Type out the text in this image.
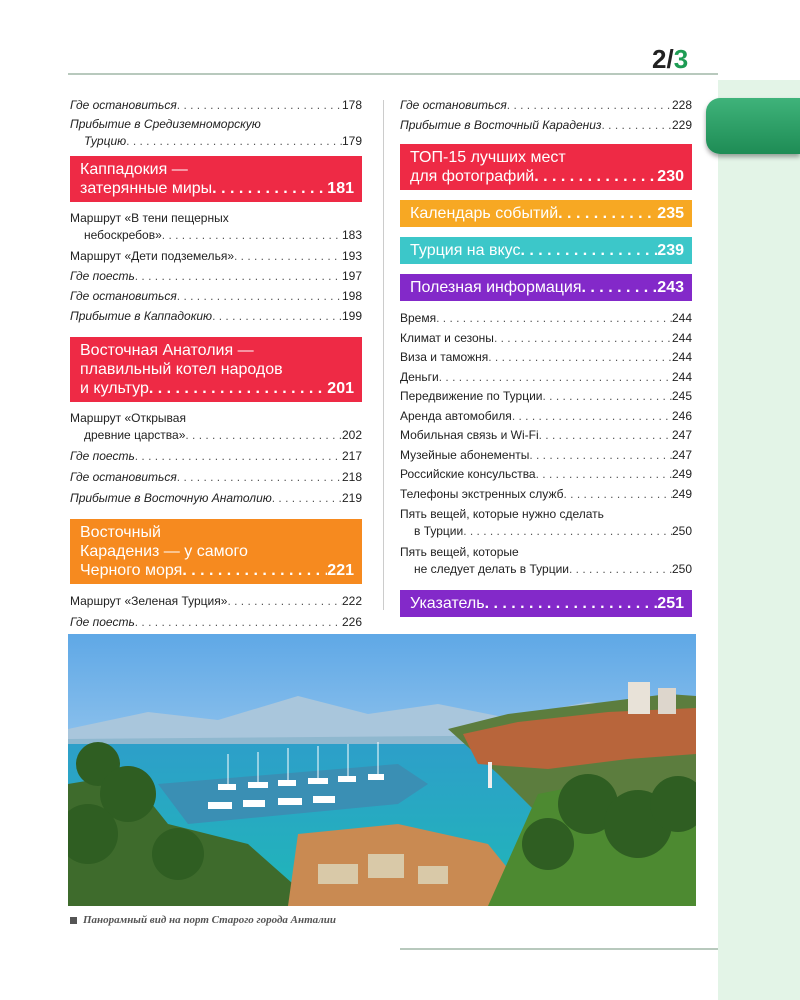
2/3
Где остановиться . . .	178
Прибытие в Средиземноморскую
Турцию . . .	179
Каппадокия —
затерянные миры . . .	181
Маршрут «В тени пещерных
небоскребов» . . .	183
Маршрут «Дети подземелья» . . .	193
Где поесть . . .	197
Где остановиться . . .	198
Прибытие в Каппадокию . . .	199
Восточная Анатолия —
плавильный котел народов
и культур . . .	201
Маршрут «Открывая
древние царства» . . .	202
Где поесть . . .	217
Где остановиться . . .	218
Прибытие в Восточную Анатолию . . .	219
Восточный
Карадениз — у самого
Черного моря . . .	221
Маршрут «Зеленая Турция» . . .	222
Где поесть . . .	226
Где остановиться . . .	228
Прибытие в Восточный Карадениз . . .	229
ТОП-15 лучших мест
для фотографий . . .	230
Календарь событий . . .	235
Турция на вкус . . .	239
Полезная информация . . .	243
Время . . .	244
Климат и сезоны . . .	244
Виза и таможня . . .	244
Деньги . . .	244
Передвижение по Турции . . .	245
Аренда автомобиля . . .	246
Мобильная связь и Wi-Fi . . .	247
Музейные абонементы . . .	247
Российские консульства . . .	249
Телефоны экстренных служб . . .	249
Пять вещей, которые нужно сделать
в Турции . . .	250
Пять вещей, которые
не следует делать в Турции . . .	250
Указатель . . .	251
Панорамный вид на порт Старого города Анталии
